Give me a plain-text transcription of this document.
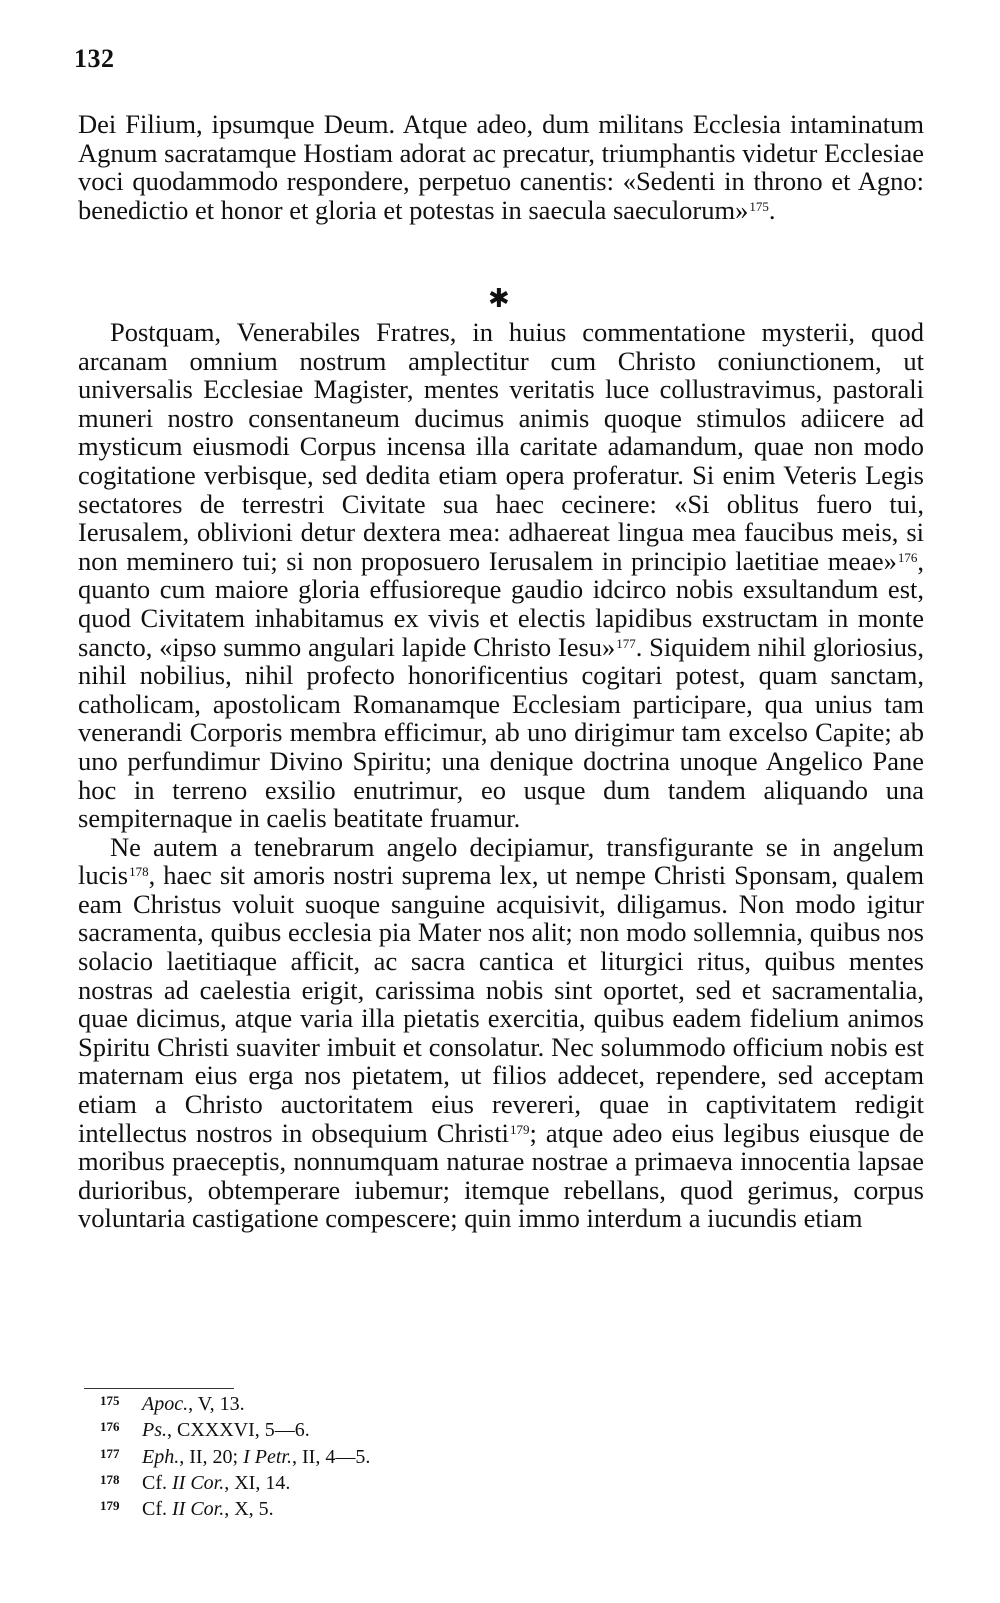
132

Dei Filium, ipsumque Deum. Atque adeo, dum militans Ecclesia intaminatum Agnum sacratamque Hostiam adorat ac precatur, triumphantis videtur Ecclesiae voci quodammodo respondere, perpetuo canentis: «Sedenti in throno et Agno: benedictio et honor et gloria et potestas in saecula saeculorum»$^{175}$.

✱

Postquam, Venerabiles Fratres, in huius commentatione mysterii, quod arcanam omnium nostrum amplectitur cum Christo coniunctionem, ut universalis Ecclesiae Magister, mentes veritatis luce collustravimus, pastorali muneri nostro consentaneum ducimus animis quoque stimulos adiicere ad mysticum eiusmodi Corpus incensa illa caritate adamandum, quae non modo cogitatione verbisque, sed dedita etiam opera proferatur. Si enim Veteris Legis sectatores de terrestri Civitate sua haec cecinere: «Si oblitus fuero tui, Ierusalem, oblivioni detur dextera mea: adhaereat lingua mea faucibus meis, si non meminero tui; si non proposuero Ierusalem in principio laetitiae meae»$^{176}$, quanto cum maiore gloria effusioreque gaudio idcirco nobis exsultandum est, quod Civitatem inhabitamus ex vivis et electis lapidibus exstructam in monte sancto, «ipso summo angulari lapide Christo Iesu»$^{177}$. Siquidem nihil gloriosius, nihil nobilius, nihil profecto honorificentius cogitari potest, quam sanctam, catholicam, apostolicam Romanamque Ecclesiam participare, qua unius tam venerandi Corporis membra efficimur, ab uno dirigimur tam excelso Capite; ab uno perfundimur Divino Spiritu; una denique doctrina unoque Angelico Pane hoc in terreno exsilio enutrimur, eo usque dum tandem aliquando una sempiternaque in caelis beatitate fruamur.

Ne autem a tenebrarum angelo decipiamur, transfigurante se in angelum lucis$^{178}$, haec sit amoris nostri suprema lex, ut nempe Christi Sponsam, qualem eam Christus voluit suoque sanguine acquisivit, diligamus. Non modo igitur sacramenta, quibus ecclesia pia Mater nos alit; non modo sollemnia, quibus nos solacio laetitiaque afficit, ac sacra cantica et liturgici ritus, quibus mentes nostras ad caelestia erigit, carissima nobis sint oportet, sed et sacramentalia, quae dicimus, atque varia illa pietatis exercitia, quibus eadem fidelium animos Spiritu Christi suaviter imbuit et consolatur. Nec solummodo officium nobis est maternam eius erga nos pietatem, ut filios addecet, rependere, sed acceptam etiam a Christo auctoritatem eius revereri, quae in captivitatem redigit intellectus nostros in obsequium Christi$^{179}$; atque adeo eius legibus eiusque de moribus praeceptis, nonnumquam naturae nostrae a primaeva innocentia lapsae durioribus, obtemperare iubemur; itemque rebellans, quod gerimus, corpus voluntaria castigatione compescere; quin immo interdum a iucundis etiam

175 Apoc., V, 13.
176 Ps., CXXXVI, 5—6.
177 Eph., II, 20; I Petr., II, 4—5.
178 Cf. II Cor., XI, 14.
179 Cf. II Cor., X, 5.
